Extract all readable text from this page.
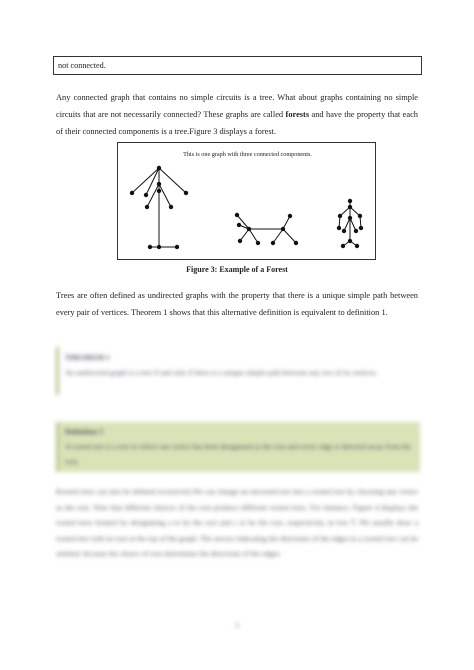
not connected.

Any connected graph that contains no simple circuits is a tree. What about graphs containing no simple circuits that are not necessarily connected? These graphs are called forests and have the property that each of their connected components is a tree.Figure 3 displays a forest.

This is one graph with three connected components.
Figure 3: Example of a Forest

Trees are often defined as undirected graphs with the property that there is a unique simple path between every pair of vertices. Theorem 1 shows that this alternative definition is equivalent to definition 1.

THEOREM 1
An undirected graph is a tree if and only if there is a unique simple path between any two of its vertices.
Definition 3
A rooted tree is a tree in which one vertex has been designated as the root and every edge is directed away from the root.

Rooted trees can also be defined recursively.We can change an unrooted tree into a rooted tree by choosing any vertex as the root. Note that different choices of the root produce different rooted trees. For instance, Figure 4 displays the rooted trees formed by designating a to be the root and c to be the root, respectively, in tree T. We usually draw a rooted tree with its root at the top of the graph. The arrows indicating the directions of the edges in a rooted tree can be omitted, because the choice of root determines the directions of the edges.

3
